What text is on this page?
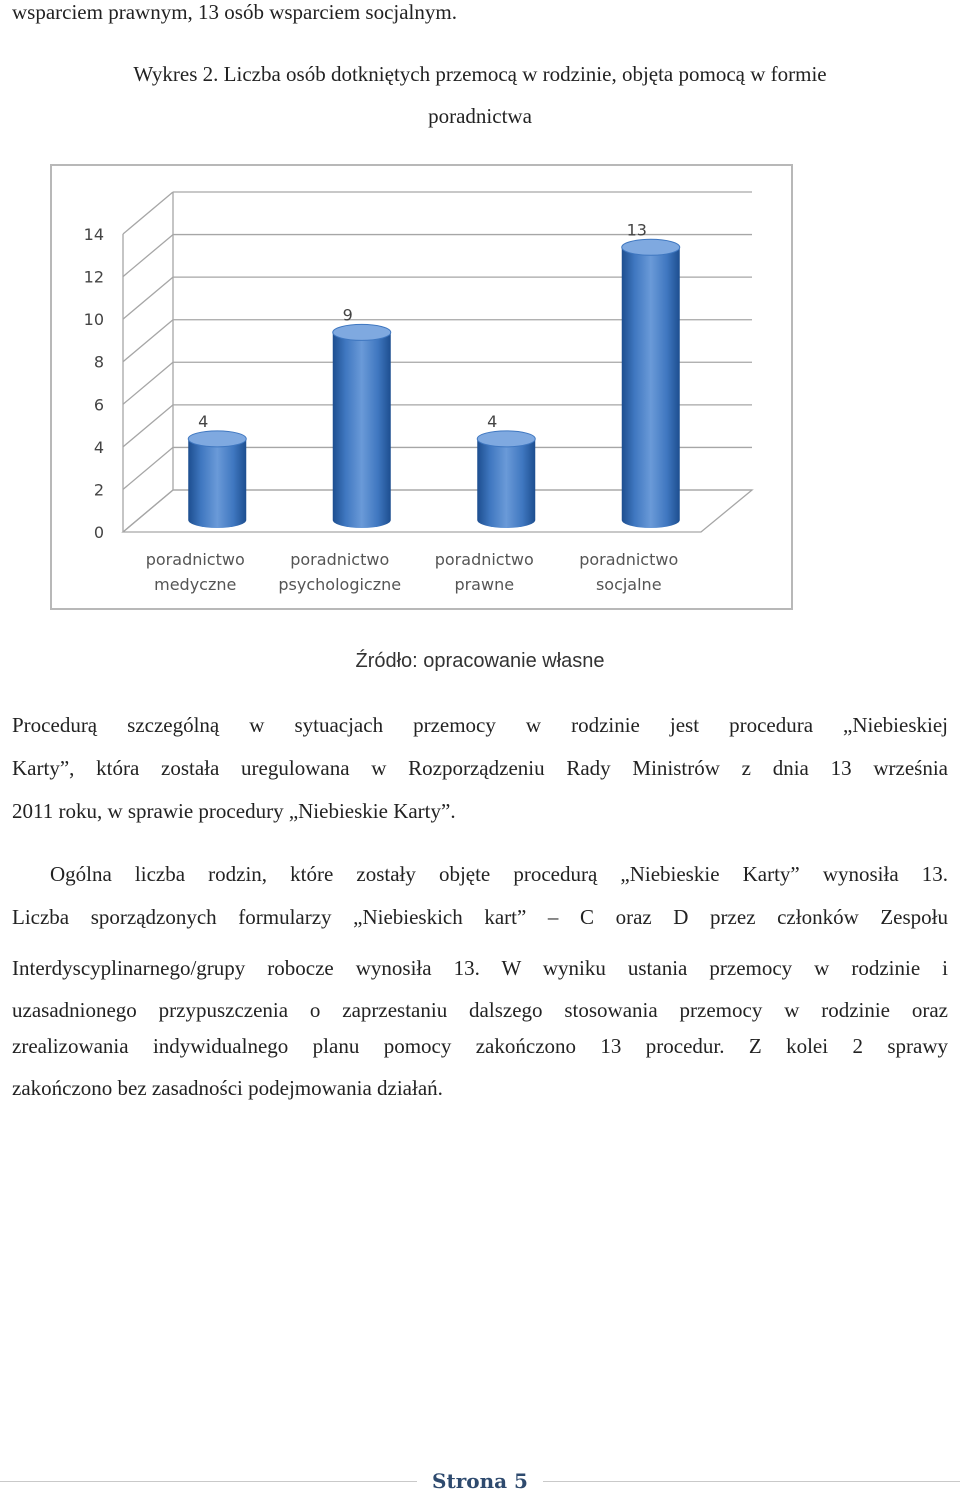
wsparciem prawnym, 13 osób wsparciem socjalnym.
Wykres 2. Liczba osób dotkniętych przemocą w rodzinie, objęta pomocą w formie
poradnictwa
0
2
4
6
8
10
12
14
4
9
4
13
poradnictwo
medyczne
poradnictwo
psychologiczne
poradnictwo
prawne
poradnictwo
socjalne
Źródło: opracowanie własne
Procedurą szczególną w sytuacjach przemocy w rodzinie jest procedura „Niebieskiej
Karty”, która została uregulowana w Rozporządzeniu Rady Ministrów z dnia 13 września
2011 roku, w sprawie procedury „Niebieskie Karty”.
Ogólna liczba rodzin, które zostały objęte procedurą „Niebieskie Karty” wynosiła 13.
Liczba sporządzonych formularzy „Niebieskich kart” – C oraz D przez członków Zespołu
Interdyscyplinarnego/grupy robocze wynosiła 13. W wyniku ustania przemocy w rodzinie i
uzasadnionego przypuszczenia o zaprzestaniu dalszego stosowania przemocy w rodzinie oraz
zrealizowania indywidualnego planu pomocy zakończono 13 procedur. Z kolei 2 sprawy
zakończono bez zasadności podejmowania działań.
Strona 5
